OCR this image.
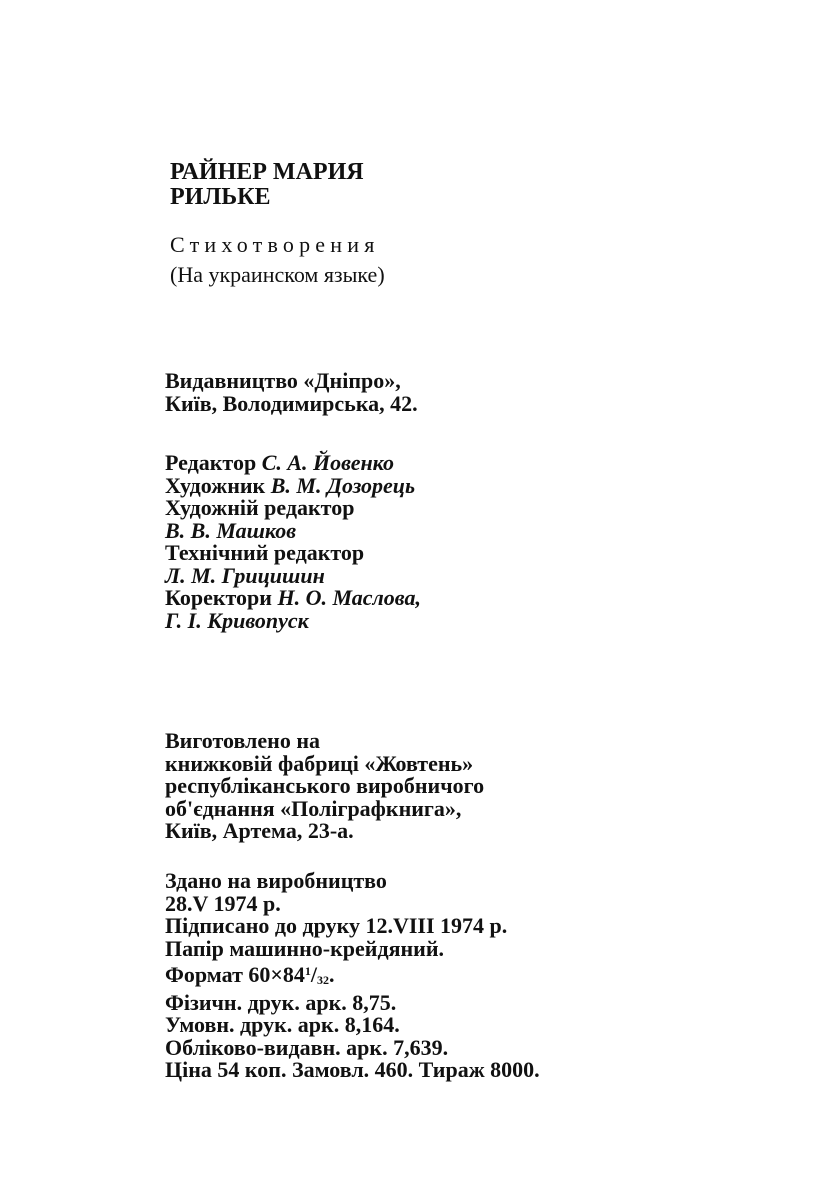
РАЙНЕР МАРИЯ
РИЛЬКЕ
Стихотворения
(На украинском языке)
Видавництво «Дніпро»,
Київ, Володимирська, 42.
Редактор С. А. Йовенко
Художник В. М. Дозорець
Художній редактор
В. В. Машков
Технічний редактор
Л. М. Грицишин
Коректори Н. О. Маслова,
Г. І. Кривопуск
Виготовлено на
книжковій фабриці «Жовтень»
республіканського виробничого
об'єднання «Поліграфкнига»,
Київ, Артема, 23-а.
Здано на виробництво
28.V 1974 р.
Підписано до друку 12.VIII 1974 р.
Папір машинно-крейдяний.
Формат $60\times 84^1/_{32}$.
Фізичн. друк. арк. 8,75.
Умовн. друк. арк. 8,164.
Обліково-видавн. арк. 7,639.
Ціна 54 коп. Замовл. 460. Тираж 8000.
